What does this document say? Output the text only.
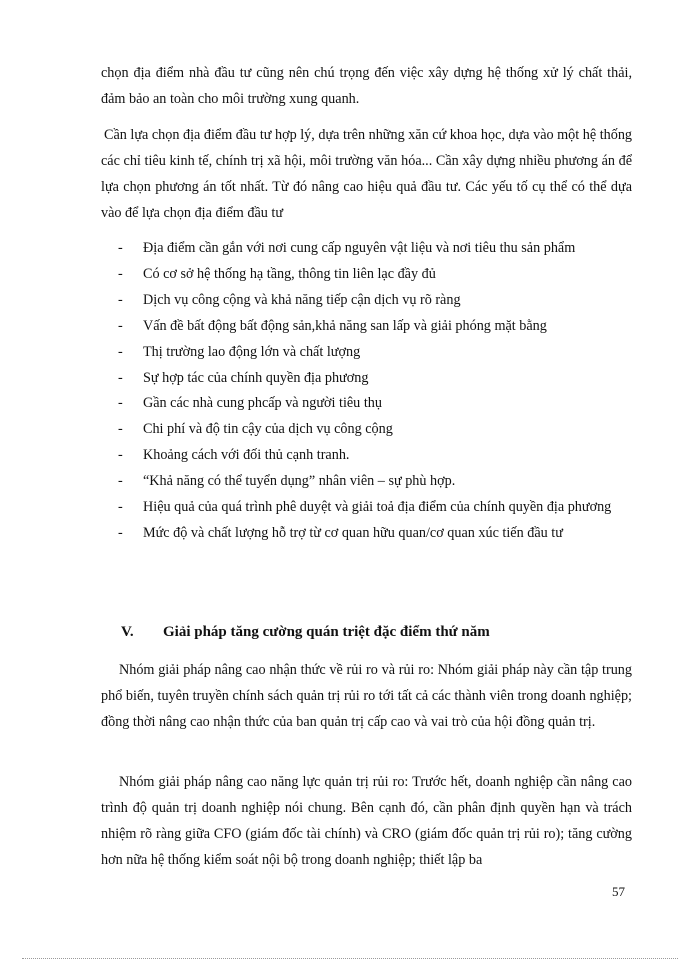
chọn địa điểm nhà đầu tư cũng nên chú trọng đến việc xây dựng hệ thống xử lý chất thải, đảm bảo an toàn cho môi trường xung quanh.

Cần lựa chọn địa điểm đầu tư hợp lý, dựa trên những xăn cứ khoa học, dựa vào một hệ thống các chỉ tiêu kinh tế, chính trị xã hội, môi trường văn hóa... Cần xây dựng nhiều phương án để lựa chọn phương án tốt nhất. Từ đó nâng cao hiệu quả đầu tư. Các yếu tố cụ thể có thể dựa vào để lựa chọn địa điểm đầu tư

- Địa điểm cần gắn với nơi cung cấp nguyên vật liệu và nơi tiêu thu sản phẩm
- Có cơ sở hệ thống hạ tầng, thông tin liên lạc đầy đủ
- Dịch vụ công cộng và khả năng tiếp cận dịch vụ rõ ràng
- Vấn đề bất động bất động sản,khả năng san lấp và giải phóng mặt bằng
- Thị trường lao động lớn và chất lượng
- Sự hợp tác của chính quyền địa phương
- Gần các nhà cung phcấp và người tiêu thụ
- Chi phí và độ tin cậy của dịch vụ công cộng
- Khoảng cách với đối thủ cạnh tranh.
- “Khả năng có thể tuyển dụng” nhân viên – sự phù hợp.
- Hiệu quả của quá trình phê duyệt và giải toả địa điểm của chính quyền địa phương
- Mức độ và chất lượng hỗ trợ từ cơ quan hữu quan/cơ quan xúc tiến đầu tư
V. Giải pháp tăng cường quán triệt đặc điểm thứ năm

Nhóm giải pháp nâng cao nhận thức về rủi ro và rủi ro: Nhóm giải pháp này cần tập trung phổ biến, tuyên truyền chính sách quản trị rủi ro tới tất cả các thành viên trong doanh nghiệp; đồng thời nâng cao nhận thức của ban quản trị cấp cao và vai trò của hội đồng quản trị.

Nhóm giải pháp nâng cao năng lực quản trị rủi ro: Trước hết, doanh nghiệp cần nâng cao trình độ quản trị doanh nghiệp nói chung. Bên cạnh đó, cần phân định quyền hạn và trách nhiệm rõ ràng giữa CFO (giám đốc tài chính) và CRO (giám đốc quản trị rủi ro); tăng cường hơn nữa hệ thống kiểm soát nội bộ trong doanh nghiệp; thiết lập ba

57
